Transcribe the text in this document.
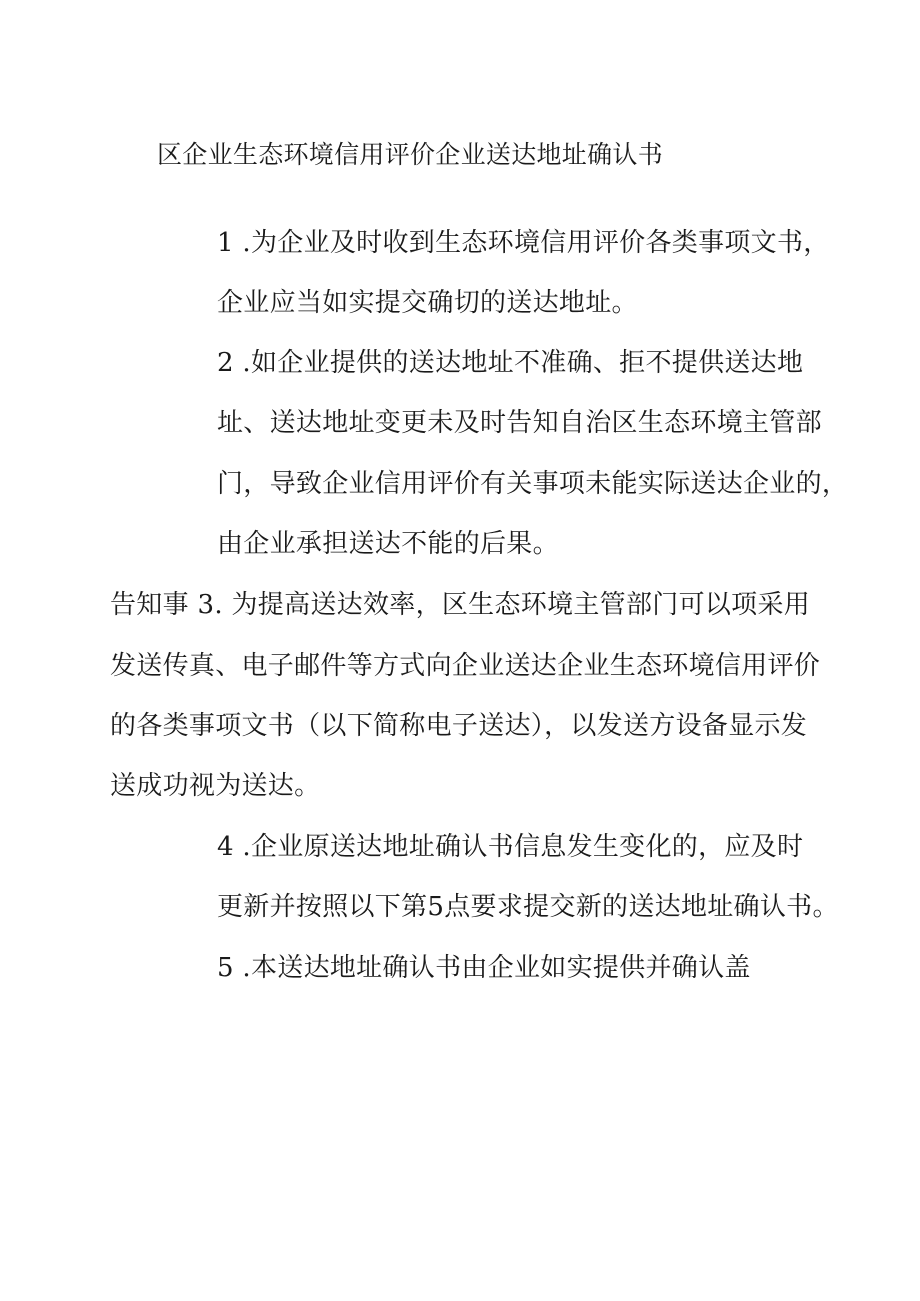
区企业生态环境信用评价企业送达地址确认书
1 .为企业及时收到生态环境信用评价各类事项文书，
企业应当如实提交确切的送达地址。
2 .如企业提供的送达地址不准确、拒不提供送达地
址、送达地址变更未及时告知自治区生态环境主管部
门，导致企业信用评价有关事项未能实际送达企业的，
由企业承担送达不能的后果。
告知事 3. 为提高送达效率，区生态环境主管部门可以项采用
发送传真、电子邮件等方式向企业送达企业生态环境信用评价
的各类事项文书（以下简称电子送达），以发送方设备显示发
送成功视为送达。
4 .企业原送达地址确认书信息发生变化的，应及时
更新并按照以下第5点要求提交新的送达地址确认书。
5 .本送达地址确认书由企业如实提供并确认盖
